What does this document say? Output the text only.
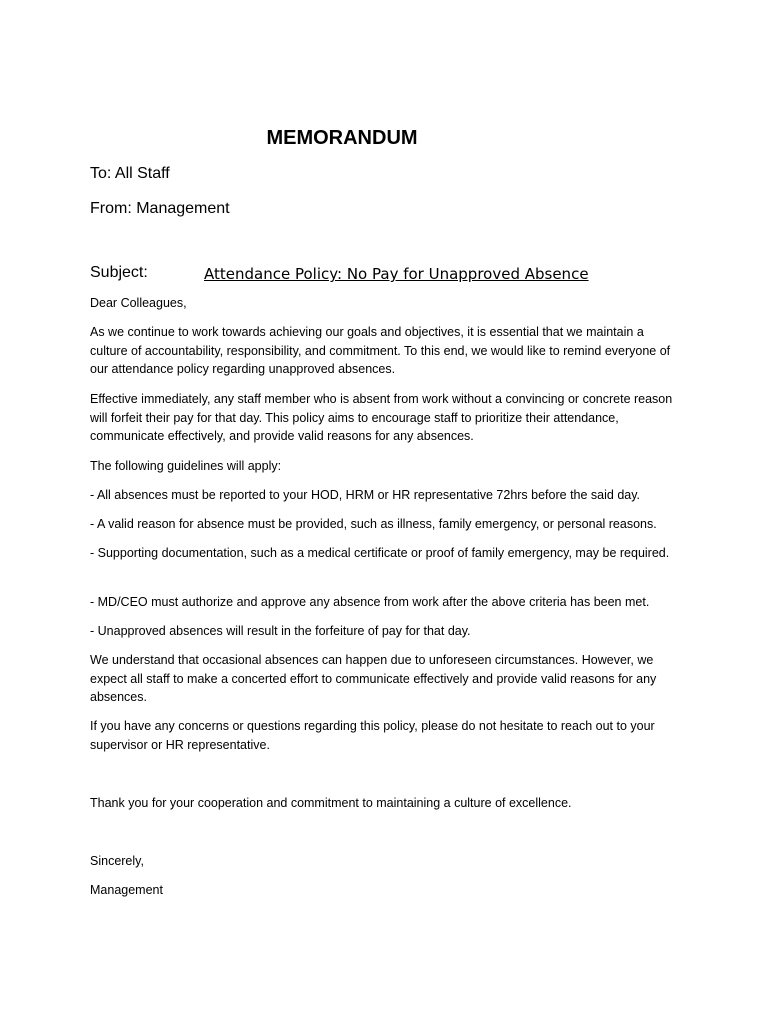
MEMORANDUM

To: All Staff

From: Management

Subject:	Attendance Policy: No Pay for Unapproved Absence

Dear Colleagues,

As we continue to work towards achieving our goals and objectives, it is essential that we maintain a culture of accountability, responsibility, and commitment. To this end, we would like to remind everyone of our attendance policy regarding unapproved absences.

Effective immediately, any staff member who is absent from work without a convincing or concrete reason will forfeit their pay for that day. This policy aims to encourage staff to prioritize their attendance, communicate effectively, and provide valid reasons for any absences.

The following guidelines will apply:

- All absences must be reported to your HOD, HRM or HR representative 72hrs before the said day.

- A valid reason for absence must be provided, such as illness, family emergency, or personal reasons.

- Supporting documentation, such as a medical certificate or proof of family emergency, may be required.

- MD/CEO must authorize and approve any absence from work after the above criteria has been met.

- Unapproved absences will result in the forfeiture of pay for that day.

We understand that occasional absences can happen due to unforeseen circumstances. However, we expect all staff to make a concerted effort to communicate effectively and provide valid reasons for any absences.

If you have any concerns or questions regarding this policy, please do not hesitate to reach out to your supervisor or HR representative.

Thank you for your cooperation and commitment to maintaining a culture of excellence.

Sincerely,

Management
